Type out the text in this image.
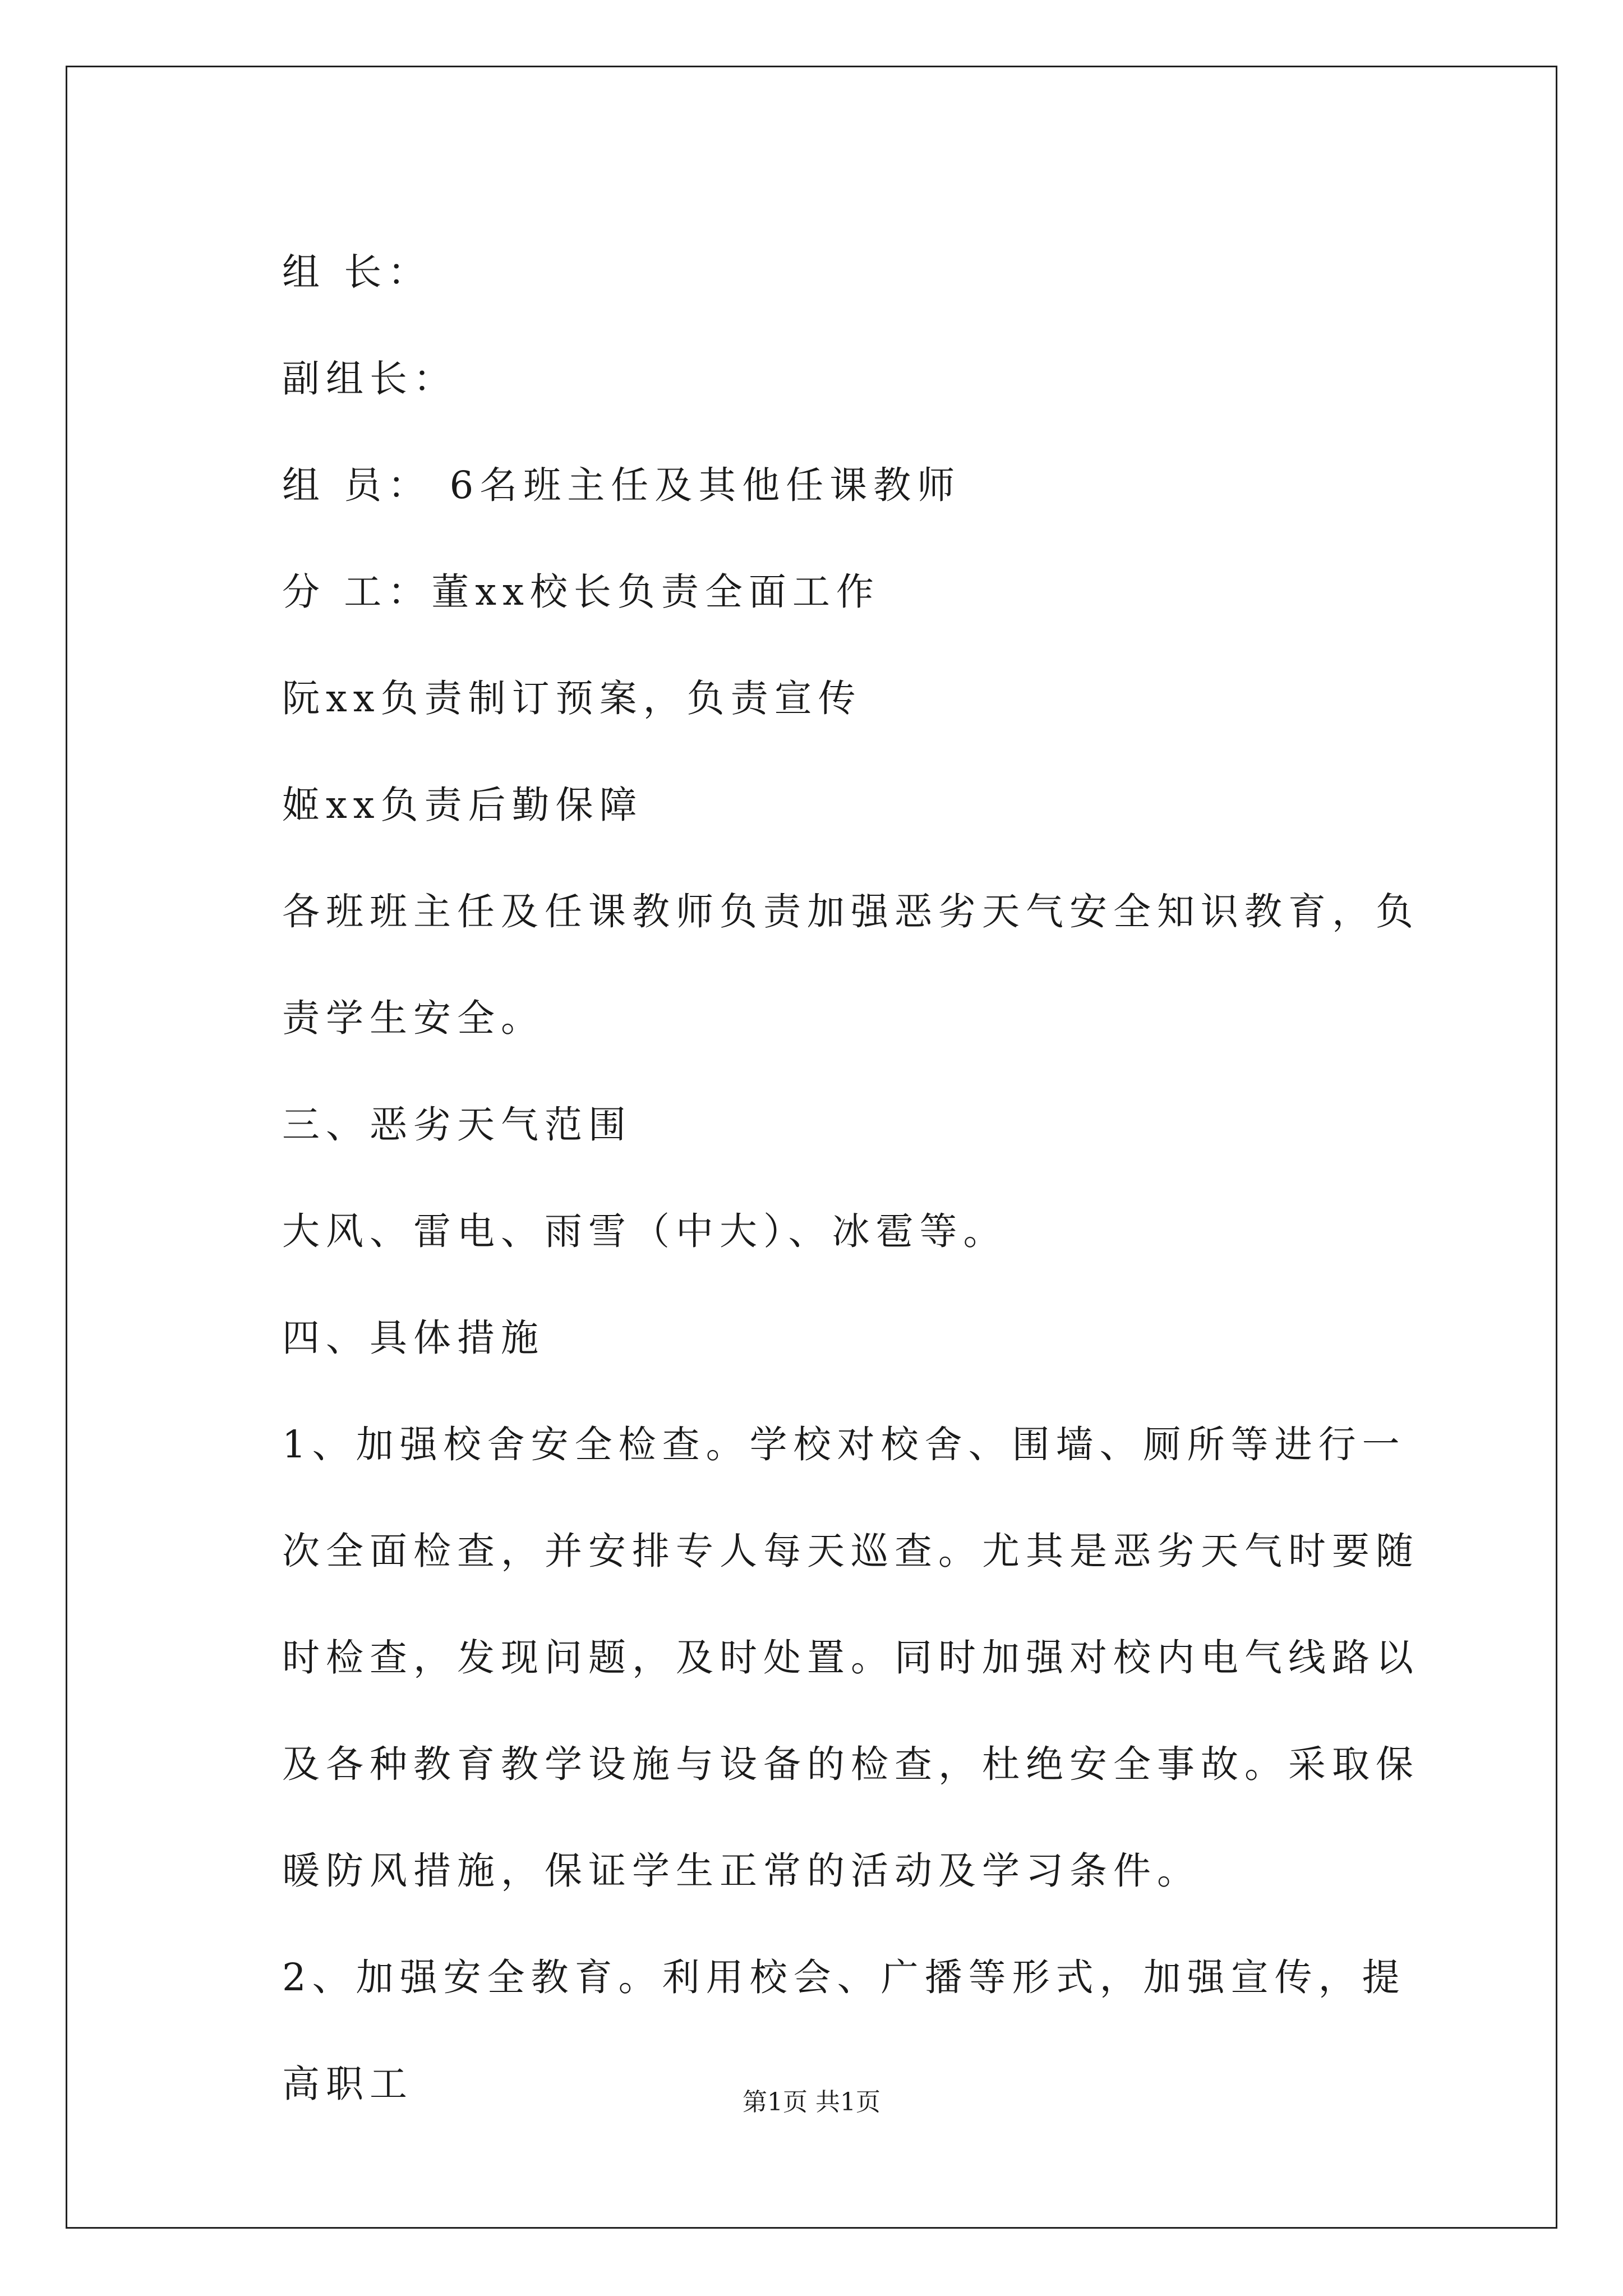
组 长：

副组长：

组 员： 6名班主任及其他任课教师

分 工：董xx校长负责全面工作

阮xx负责制订预案，负责宣传

姬xx负责后勤保障

各班班主任及任课教师负责加强恶劣天气安全知识教育，负责学生安全。

三、恶劣天气范围

大风、雷电、雨雪（中大）、冰雹等。

四、具体措施

1、加强校舍安全检查。学校对校舍、围墙、厕所等进行一次全面检查，并安排专人每天巡查。尤其是恶劣天气时要随时检查，发现问题，及时处置。同时加强对校内电气线路以及各种教育教学设施与设备的检查，杜绝安全事故。采取保暖防风措施，保证学生正常的活动及学习条件。

2、加强安全教育。利用校会、广播等形式，加强宣传，提高职工	第1页 共1页
